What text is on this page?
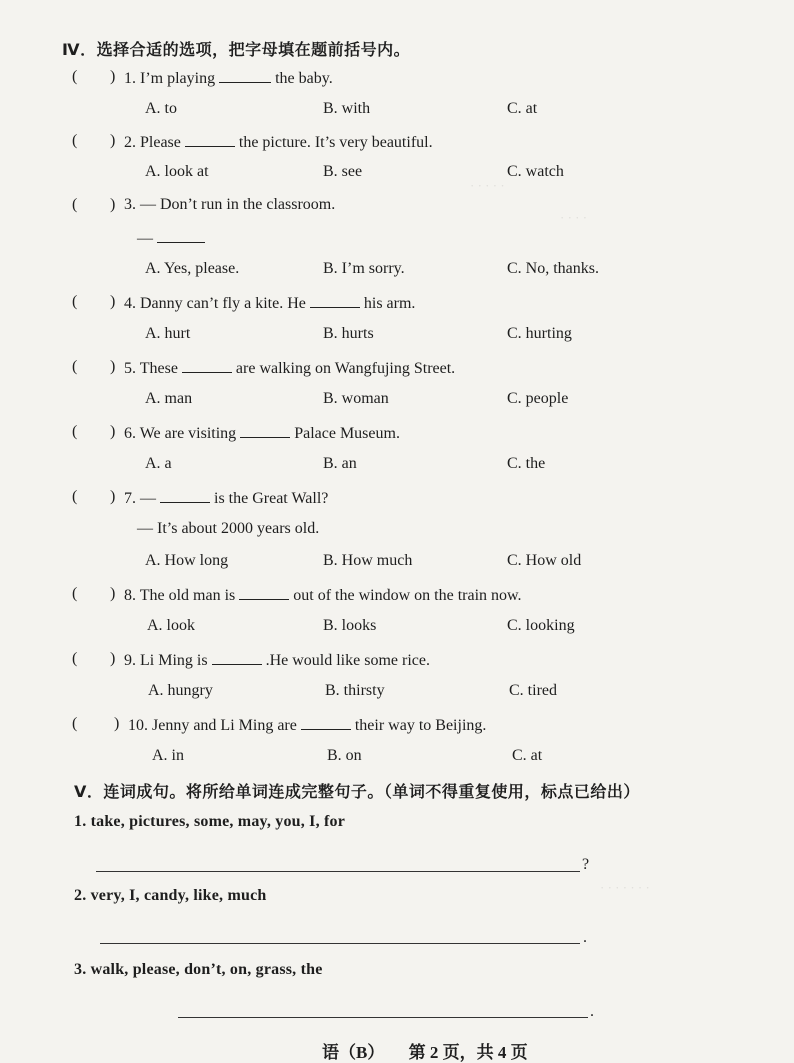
· · · · ·
· · · ·
· · · · · · ·
Ⅳ．选择合适的选项，把字母填在题前括号内。
( ) 1. I’m playing	the baby.
A. to	B. with	C. at
( ) 2. Please	the picture. It’s very beautiful.
A. look at	B. see	C. watch
( ) 3. — Don’t run in the classroom.
—
A. Yes, please.	B. I’m sorry.	C. No, thanks.
( ) 4. Danny can’t fly a kite. He	his arm.
A. hurt	B. hurts	C. hurting
( ) 5. These	are walking on Wangfujing Street.
A. man	B. woman	C. people
( ) 6. We are visiting	Palace Museum.
A. a	B. an	C. the
( ) 7. —	is the Great Wall?
— It’s about 2000 years old.
A. How long	B. How much	C. How old
( ) 8. The old man is	out of the window on the train now.
A. look	B. looks	C. looking
( ) 9. Li Ming is	.He would like some rice.
A. hungry	B. thirsty	C. tired
( ) 10. Jenny and Li Ming are	their way to Beijing.
A. in	B. on	C. at
Ⅴ．连词成句。将所给单词连成完整句子。（单词不得重复使用，标点已给出）
1. take, pictures, some, may, you, I, for
?
2. very, I, candy, like, much
.
3. walk, please, don’t, on, grass, the
.
语（B） 第 2 页，共 4 页
